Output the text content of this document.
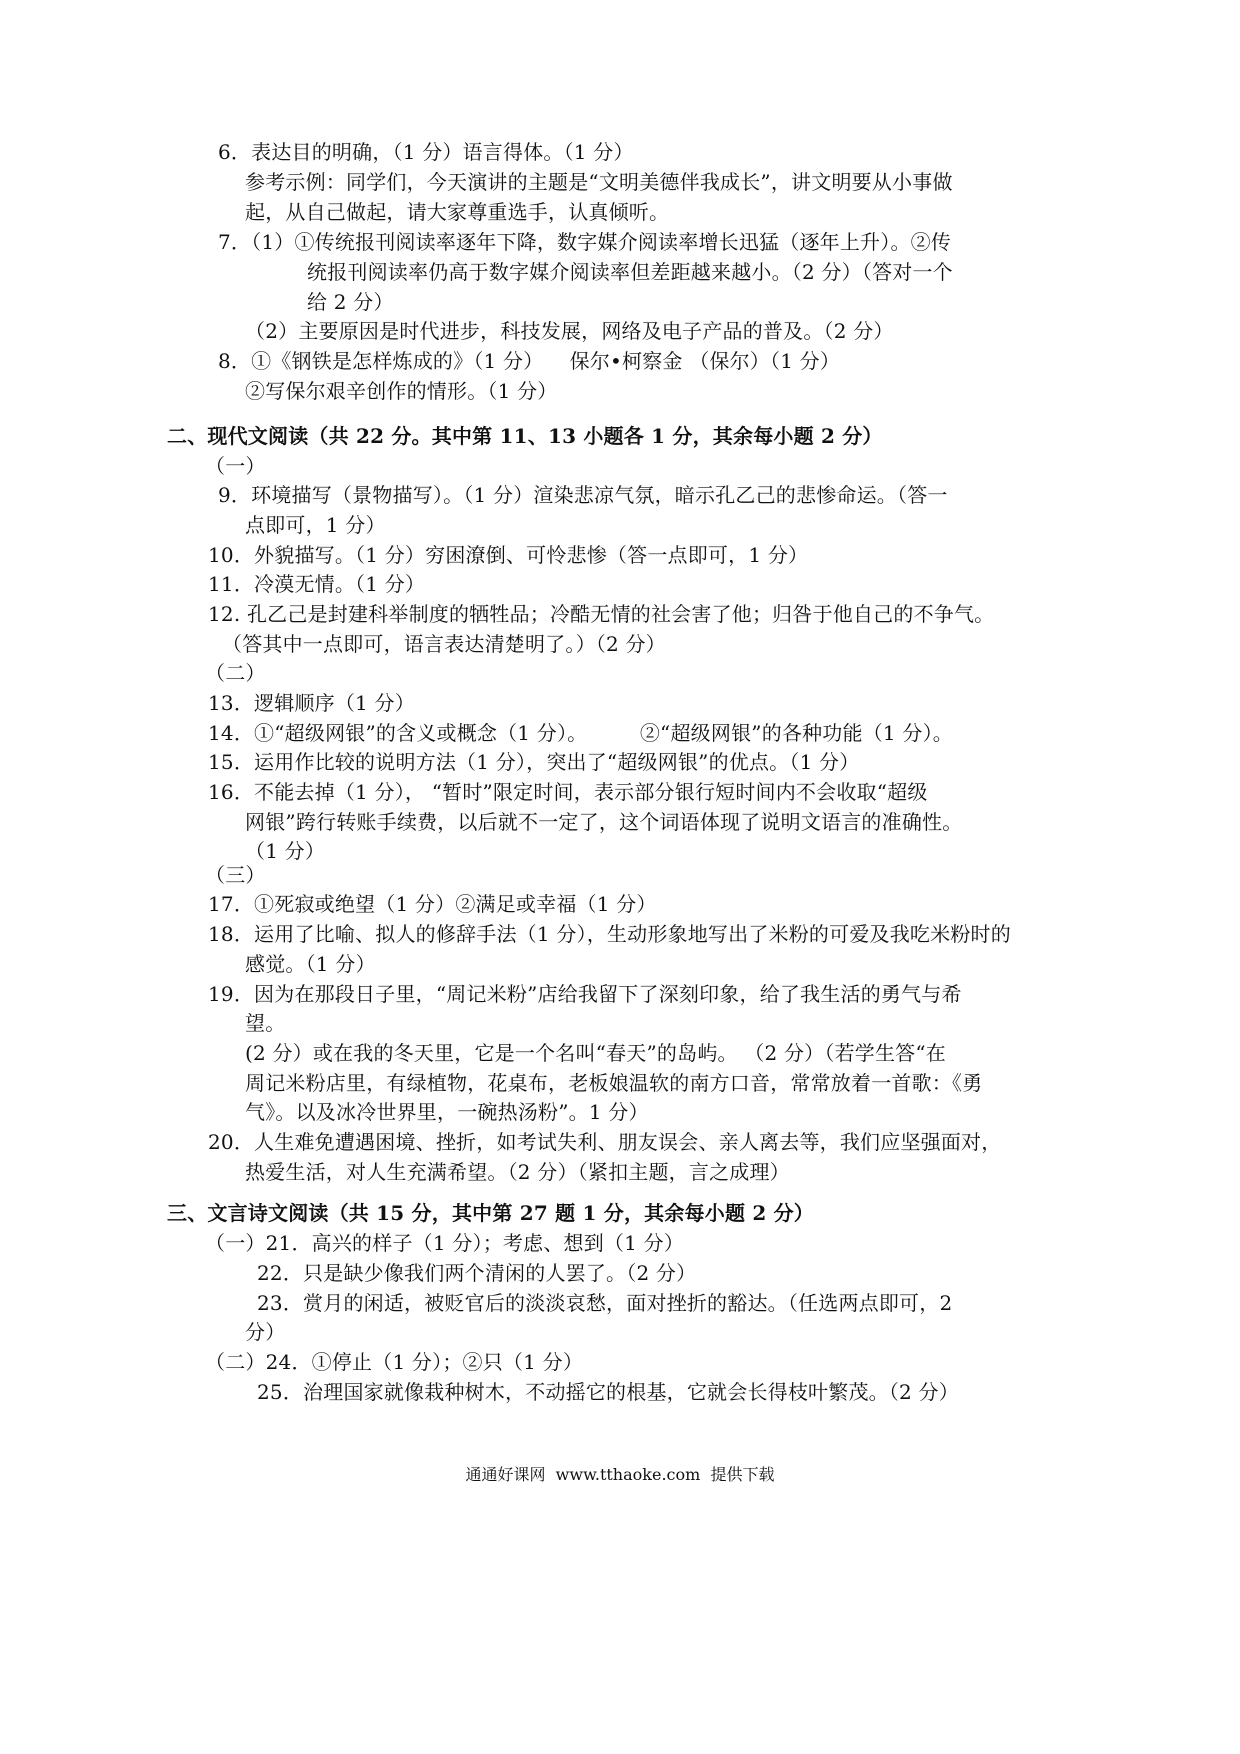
6．表达目的明确，（1 分）语言得体。（1 分）
参考示例：同学们，今天演讲的主题是“文明美德伴我成长”，讲文明要从小事做
起，从自己做起，请大家尊重选手，认真倾听。
7．（1）①传统报刊阅读率逐年下降，数字媒介阅读率增长迅猛（逐年上升）。②传
统报刊阅读率仍高于数字媒介阅读率但差距越来越小。（2 分）（答对一个
给 2 分）
（2）主要原因是时代进步，科技发展，网络及电子产品的普及。（2 分）
8．①《钢铁是怎样炼成的》（1 分）    保尔•柯察金 （保尔）（1 分）
②写保尔艰辛创作的情形。（1 分）
二、现代文阅读（共 22 分。其中第 11、13 小题各 1 分，其余每小题 2 分）
（一）
9．环境描写（景物描写）。（1 分）渲染悲凉气氛，暗示孔乙己的悲惨命运。（答一
点即可，1 分）
10．外貌描写。（1 分）穷困潦倒、可怜悲惨（答一点即可，1 分）
11．冷漠无情。（1 分）
12. 孔乙己是封建科举制度的牺牲品；冷酷无情的社会害了他；归咎于他自己的不争气。
（答其中一点即可，语言表达清楚明了。）（2 分）
（二）
13．逻辑顺序（1 分）
14．①“超级网银”的含义或概念（1 分）。        ②“超级网银”的各种功能（1 分）。
15．运用作比较的说明方法（1 分），突出了“超级网银”的优点。（1 分）
16．不能去掉（1 分）， “暂时”限定时间，表示部分银行短时间内不会收取“超级
网银”跨行转账手续费，以后就不一定了，这个词语体现了说明文语言的准确性。
（1 分）
（三）
17．①死寂或绝望（1 分）②满足或幸福（1 分）
18．运用了比喻、拟人的修辞手法（1 分），生动形象地写出了米粉的可爱及我吃米粉时的
感觉。（1 分）
19．因为在那段日子里，“周记米粉”店给我留下了深刻印象，给了我生活的勇气与希
望。
(2 分）或在我的冬天里，它是一个名叫“春天”的岛屿。 （2 分）（若学生答“在
周记米粉店里，有绿植物，花桌布，老板娘温软的南方口音，常常放着一首歌：《勇
气》。以及冰冷世界里，一碗热汤粉”。1 分）
20．人生难免遭遇困境、挫折，如考试失利、朋友误会、亲人离去等，我们应坚强面对，
热爱生活，对人生充满希望。（2 分）（紧扣主题，言之成理）
三、文言诗文阅读（共 15 分，其中第 27 题 1 分，其余每小题 2 分）
（一）21．高兴的样子（1 分）；考虑、想到（1 分）
22．只是缺少像我们两个清闲的人罢了。（2 分）
23．赏月的闲适，被贬官后的淡淡哀愁，面对挫折的豁达。（任选两点即可，2
分）
（二）24．①停止（1 分）；②只（1 分）
25．治理国家就像栽种树木，不动摇它的根基，它就会长得枝叶繁茂。（2 分）
通通好课网  www.tthaoke.com  提供下载
